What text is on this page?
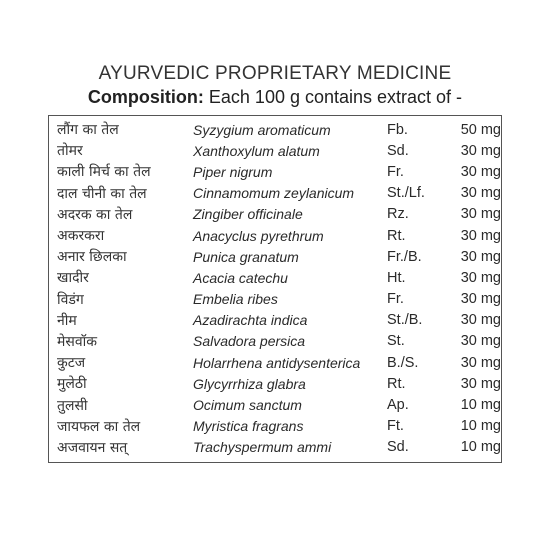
AYURVEDIC PROPRIETARY MEDICINE
Composition: Each 100 g contains extract of -
लौंग का तेल	Syzygium aromaticum	Fb.	50 mg
तोमर	Xanthoxylum alatum	Sd.	30 mg
काली मिर्च का तेल	Piper nigrum	Fr.	30 mg
दाल चीनी का तेल	Cinnamomum zeylanicum	St./Lf.	30 mg
अदरक का तेल	Zingiber officinale	Rz.	30 mg
अकरकरा	Anacyclus pyrethrum	Rt.	30 mg
अनार छिलका	Punica granatum	Fr./B.	30 mg
खादीर	Acacia catechu	Ht.	30 mg
विडंग	Embelia ribes	Fr.	30 mg
नीम	Azadirachta indica	St./B.	30 mg
मेसवॉक	Salvadora persica	St.	30 mg
कुटज	Holarrhena antidysenterica	B./S.	30 mg
मुलेठी	Glycyrrhiza glabra	Rt.	30 mg
तुलसी	Ocimum sanctum	Ap.	10 mg
जायफल का तेल	Myristica fragrans	Ft.	10 mg
अजवायन सत्	Trachyspermum ammi	Sd.	10 mg
